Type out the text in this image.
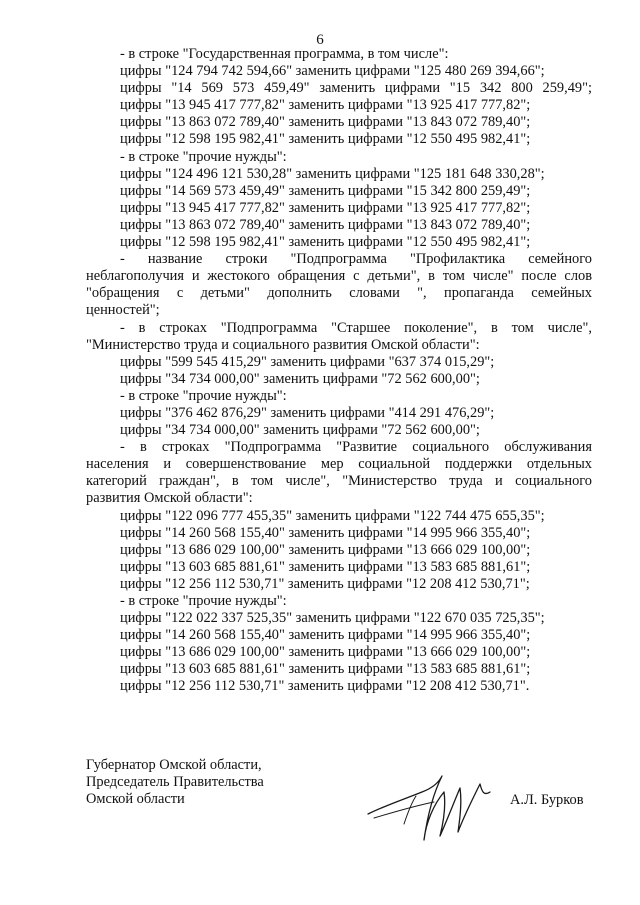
6
- в строке "Государственная программа, в том числе":
цифры "124 794 742 594,66" заменить цифрами "125 480 269 394,66";
цифры "14 569 573 459,49" заменить цифрами "15 342 800 259,49";
цифры "13 945 417 777,82" заменить цифрами "13 925 417 777,82";
цифры "13 863 072 789,40" заменить цифрами "13 843 072 789,40";
цифры "12 598 195 982,41" заменить цифрами "12 550 495 982,41";
- в строке "прочие нужды":
цифры "124 496 121 530,28" заменить цифрами "125 181 648 330,28";
цифры "14 569 573 459,49" заменить цифрами "15 342 800 259,49";
цифры "13 945 417 777,82" заменить цифрами "13 925 417 777,82";
цифры "13 863 072 789,40" заменить цифрами "13 843 072 789,40";
цифры "12 598 195 982,41" заменить цифрами "12 550 495 982,41";
- название строки "Подпрограмма "Профилактика семейного
неблагополучия и жестокого обращения с детьми", в том числе" после слов
"обращения с детьми" дополнить словами ", пропаганда семейных
ценностей";
- в строках "Подпрограмма "Старшее поколение", в том числе",
"Министерство труда и социального развития Омской области":
цифры "599 545 415,29" заменить цифрами "637 374 015,29";
цифры "34 734 000,00" заменить цифрами "72 562 600,00";
- в строке "прочие нужды":
цифры "376 462 876,29" заменить цифрами "414 291 476,29";
цифры "34 734 000,00" заменить цифрами "72 562 600,00";
- в строках "Подпрограмма "Развитие социального обслуживания
населения и совершенствование мер социальной поддержки отдельных
категорий граждан", в том числе", "Министерство труда и социального
развития Омской области":
цифры "122 096 777 455,35" заменить цифрами "122 744 475 655,35";
цифры "14 260 568 155,40" заменить цифрами "14 995 966 355,40";
цифры "13 686 029 100,00" заменить цифрами "13 666 029 100,00";
цифры "13 603 685 881,61" заменить цифрами "13 583 685 881,61";
цифры "12 256 112 530,71" заменить цифрами "12 208 412 530,71";
- в строке "прочие нужды":
цифры "122 022 337 525,35" заменить цифрами "122 670 035 725,35";
цифры "14 260 568 155,40" заменить цифрами "14 995 966 355,40";
цифры "13 686 029 100,00" заменить цифрами "13 666 029 100,00";
цифры "13 603 685 881,61" заменить цифрами "13 583 685 881,61";
цифры "12 256 112 530,71" заменить цифрами "12 208 412 530,71".
Губернатор Омской области,
Председатель Правительства
Омской области	А.Л. Бурков
